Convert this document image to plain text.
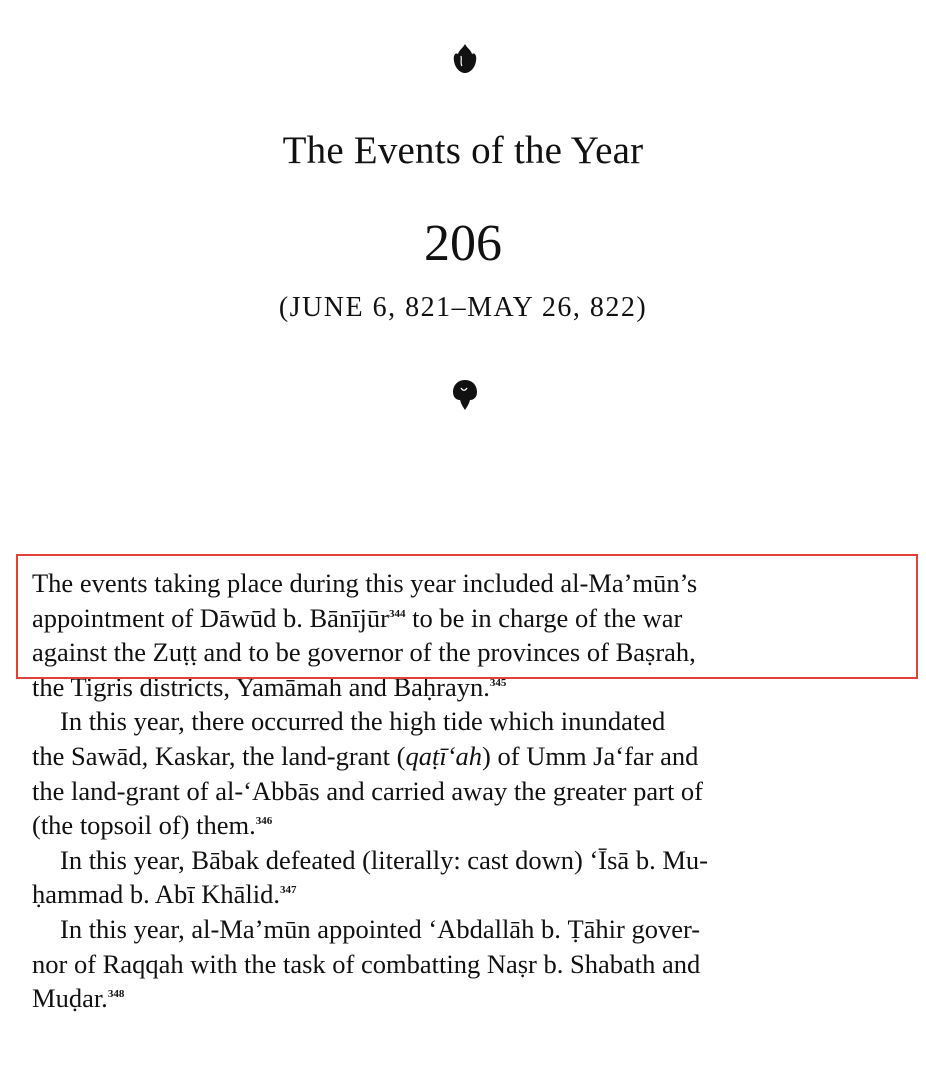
The Events of the Year
206
(JUNE 6, 821–MAY 26, 822)

The events taking place during this year included al-Ma’mūn’s
appointment of Dāwūd b. Bānījūr$^{344}$ to be in charge of the war
against the Zuṭṭ and to be governor of the provinces of Baṣrah,
the Tigris districts, Yamāmah and Baḥrayn.$^{345}$

In this year, there occurred the high tide which inundated
the Sawād, Kaskar, the land-grant (qaṭī‘ah) of Umm Ja‘far and
the land-grant of al-‘Abbās and carried away the greater part of
(the topsoil of) them.$^{346}$

In this year, Bābak defeated (literally: cast down) ‘Īsā b. Mu-
ḥammad b. Abī Khālid.$^{347}$

In this year, al-Ma’mūn appointed ‘Abdallāh b. Ṭāhir gover-
nor of Raqqah with the task of combatting Naṣr b. Shabath and
Muḍar.$^{348}$
